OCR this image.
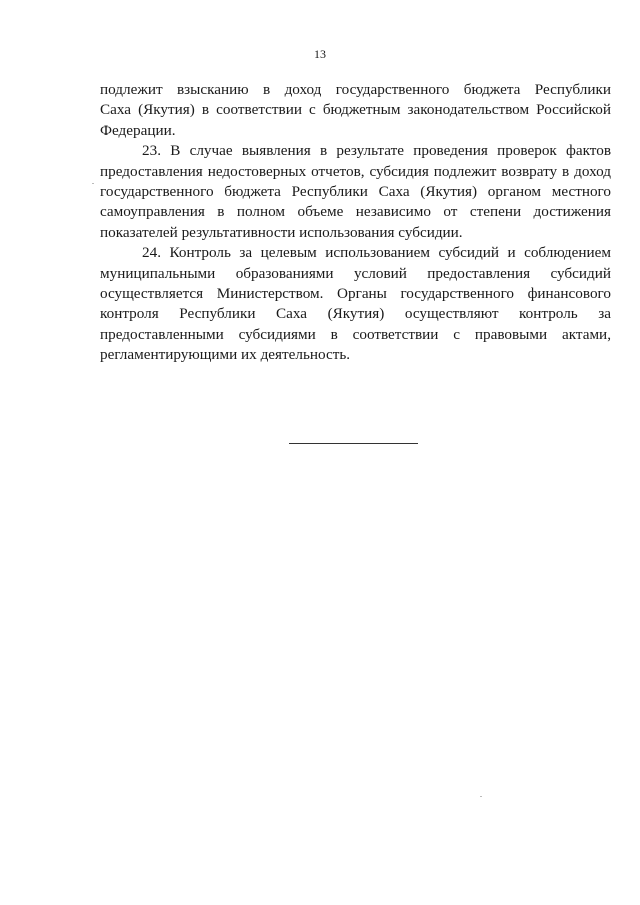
13
подлежит взысканию в доход государственного бюджета Республики
Саха (Якутия) в соответствии с бюджетным законодательством Российской
Федерации.
23. В случае выявления в результате проведения проверок фактов
предоставления недостоверных отчетов, субсидия подлежит возврату в доход
государственного бюджета Республики Саха (Якутия) органом местного
самоуправления в полном объеме независимо от степени достижения
показателей результативности использования субсидии.
24. Контроль за целевым использованием субсидий и соблюдением
муниципальными образованиями условий предоставления субсидий
осуществляется Министерством. Органы государственного финансового
контроля Республики Саха (Якутия) осуществляют контроль за
предоставленными субсидиями в соответствии с правовыми актами,
регламентирующими их деятельность.
